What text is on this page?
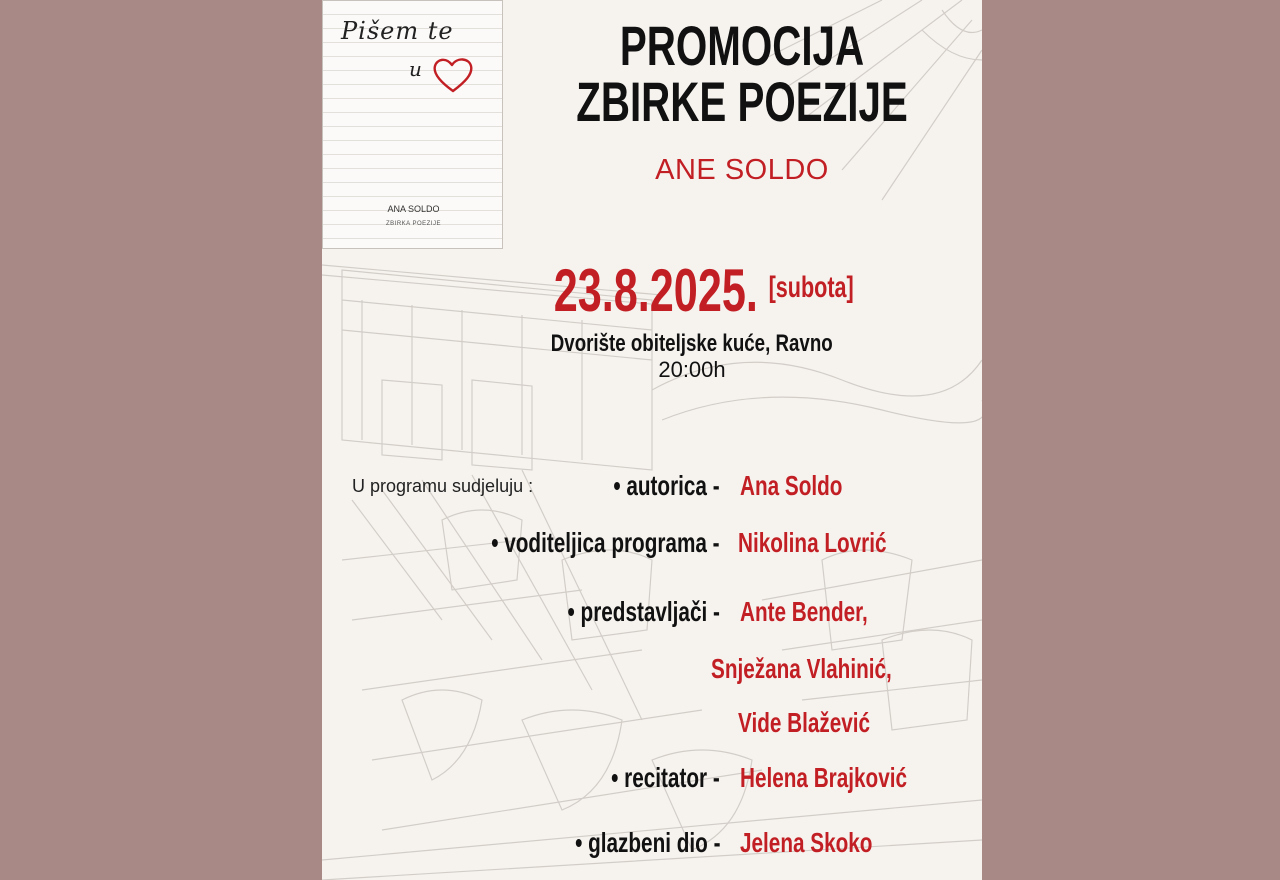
Pišem te
u
ANA SOLDO
ZBIRKA POEZIJE
PROMOCIJA
ZBIRKE POEZIJE
ANE SOLDO
23.8.2025. [subota]
Dvorište obiteljske kuće, Ravno
20:00h
U programu sudjeluju :	• autorica - Ana Soldo
• voditeljica programa - Nikolina Lovrić
• predstavljači - Ante Bender,
Snježana Vlahinić,
Vide Blažević
• recitator - Helena Brajković
• glazbeni dio - Jelena Skoko
